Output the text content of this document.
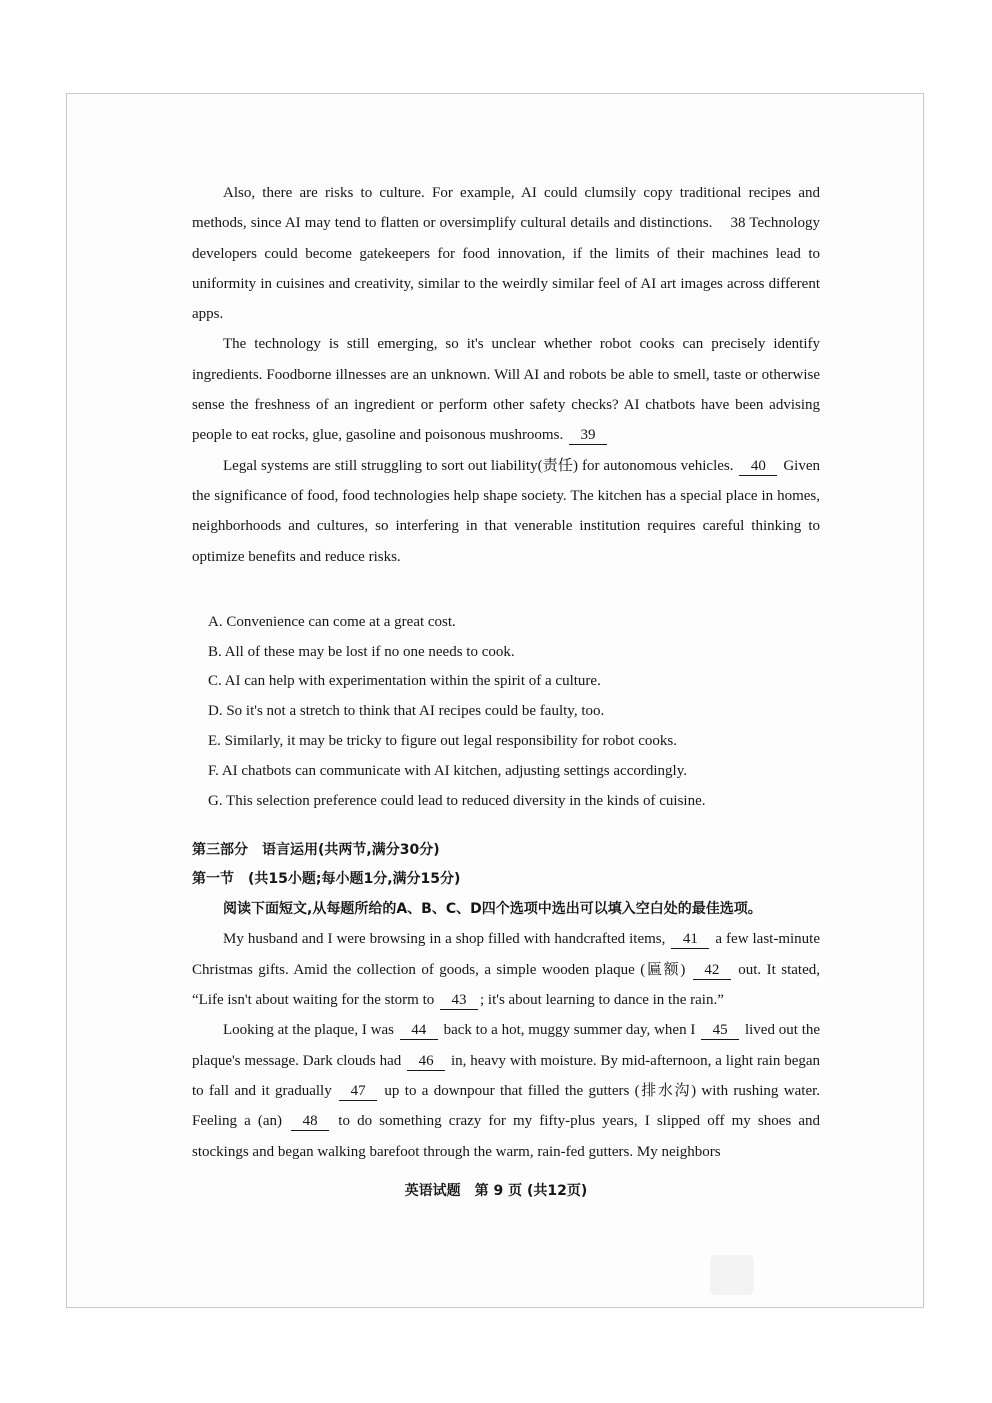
Also, there are risks to culture. For example, AI could clumsily copy traditional recipes and methods, since AI may tend to flatten or oversimplify cultural details and distinctions. 38 Technology developers could become gatekeepers for food innovation, if the limits of their machines lead to uniformity in cuisines and creativity, similar to the weirdly similar feel of AI art images across different apps.

The technology is still emerging, so it's unclear whether robot cooks can precisely identify ingredients. Foodborne illnesses are an unknown. Will AI and robots be able to smell, taste or otherwise sense the freshness of an ingredient or perform other safety checks? AI chatbots have been advising people to eat rocks, glue, gasoline and poisonous mushrooms. 39

Legal systems are still struggling to sort out liability(责任) for autonomous vehicles. 40 Given the significance of food, food technologies help shape society. The kitchen has a special place in homes, neighborhoods and cultures, so interfering in that venerable institution requires careful thinking to optimize benefits and reduce risks.

A. Convenience can come at a great cost.
B. All of these may be lost if no one needs to cook.
C. AI can help with experimentation within the spirit of a culture.
D. So it's not a stretch to think that AI recipes could be faulty, too.
E. Similarly, it may be tricky to figure out legal responsibility for robot cooks.
F. AI chatbots can communicate with AI kitchen, adjusting settings accordingly.
G. This selection preference could lead to reduced diversity in the kinds of cuisine.

第三部分　语言运用(共两节,满分30分)

第一节　(共15小题;每小题1分,满分15分)

阅读下面短文,从每题所给的A、B、C、D四个选项中选出可以填入空白处的最佳选项。

My husband and I were browsing in a shop filled with handcrafted items, 41 a few last-minute Christmas gifts. Amid the collection of goods, a simple wooden plaque (匾额) 42 out. It stated, “Life isn't about waiting for the storm to 43 ; it's about learning to dance in the rain.”

Looking at the plaque, I was 44 back to a hot, muggy summer day, when I 45 lived out the plaque's message. Dark clouds had 46 in, heavy with moisture. By mid-afternoon, a light rain began to fall and it gradually 47 up to a downpour that filled the gutters (排水沟) with rushing water. Feeling a (an) 48 to do something crazy for my fifty-plus years, I slipped off my shoes and stockings and began walking barefoot through the warm, rain-fed gutters. My neighbors

英语试题　第 9 页 (共12页)
